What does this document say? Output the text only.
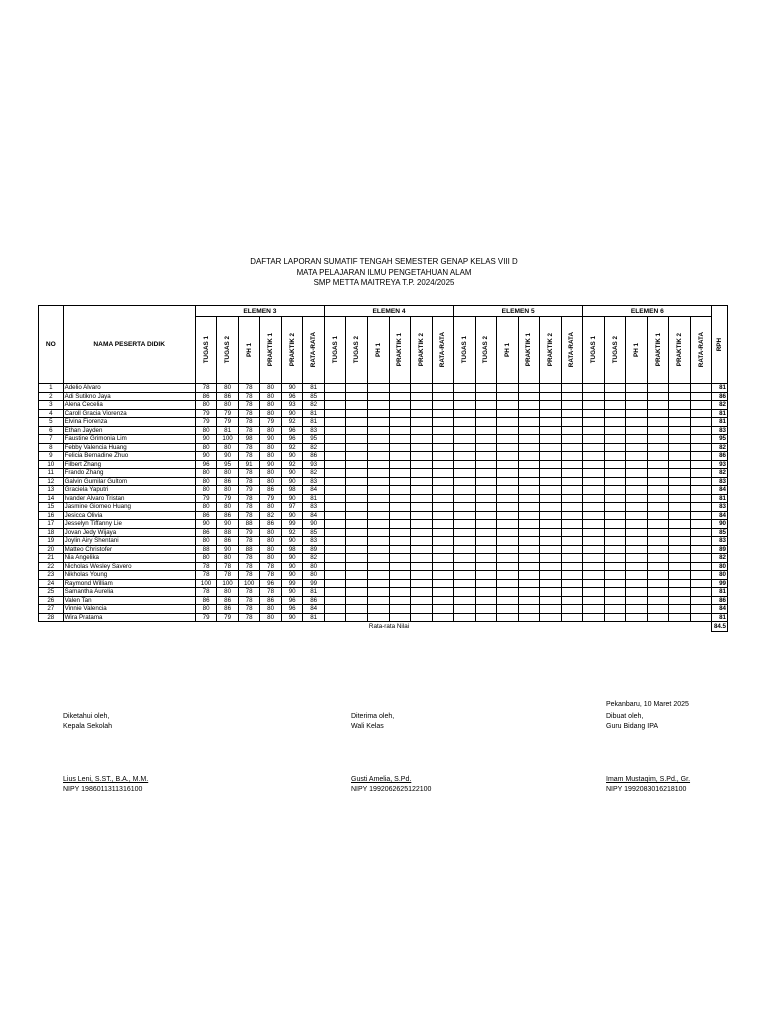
DAFTAR LAPORAN SUMATIF TENGAH SEMESTER GENAP KELAS VIII D
MATA PELAJARAN ILMU PENGETAHUAN ALAM
SMP METTA MAITREYA T.P. 2024/2025
NO	NAMA PESERTA DIDIK	ELEMEN 3						ELEMEN 4						ELEMEN 5						ELEMEN 6						RPH

		TUGAS 1	TUGAS 2	PH 1	PRAKTIK 1	PRAKTIK 2	RATA-RATA	TUGAS 1	TUGAS 2	PH 1	PRAKTIK 1	PRAKTIK 2	RATA-RATA	TUGAS 1	TUGAS 2	PH 1	PRAKTIK 1	PRAKTIK 2	RATA-RATA	TUGAS 1	TUGAS 2	PH 1	PRAKTIK 1	PRAKTIK 2	RATA-RATA	

1	Adelio Alvaro	78	80	78	80	90	81																			81
2	Adi Sutikno Jaya	86	86	78	80	96	85																			86
3	Alena Cecelia	80	80	78	80	93	82																			82
4	Caroll Gracia Viorenza	79	79	78	80	90	81																			81
5	Elvina Fiorenza	79	79	78	79	92	81																			81
6	Ethan Jayden	80	81	78	80	96	83																			83
7	Faustine Grimonia Lim	90	100	98	90	96	95																			95
8	Febby Valencia Huang	80	80	78	80	92	82																			82
9	Felicia Bernadine Zhuo	90	90	78	80	90	86																			86
10	Filbert Zhang	96	95	91	90	92	93																			93
11	Frando Zhang	80	80	78	80	90	82																			82
12	Galvin Gumilar Gultom	80	86	78	80	90	83																			83
13	Graciela Yaputri	80	80	79	86	98	84																			84
14	Ivander Alvaro Tristan	79	79	78	79	90	81																			81
15	Jasmine Giomeo Huang	80	80	78	80	97	83																			83
16	Jesicca Olivia	86	86	78	82	90	84																			84
17	Jesselyn Tiffanny Lie	90	90	88	86	99	90																			90
18	Jovan Jedy Wijaya	86	88	79	80	92	85																			85
19	Joylin Airy Shentani	80	86	78	80	90	83																			83
20	Matteo Christofer	88	90	88	80	98	89																			89
21	Nia Angelika	80	80	78	80	90	82																			82
22	Nicholas Wesley Savero	78	78	78	78	90	80																			80
23	Nikholas Young	78	78	78	78	90	80																			80
24	Raymond William	100	100	100	96	99	99																			99
25	Samantha Aurelia	78	80	78	78	90	81																			81
26	Valen Tan	86	86	78	86	96	86																			86
27	Vinnie Valencia	80	86	78	80	96	84																			84
28	Wira Pratama	79	79	78	80	90	81																			81
								Rata-rata Nilai																		84.5
Pekanbaru, 10 Maret 2025
Diketahui oleh,
Kepala Sekolah
Lius Leni, S.ST., B.A., M.M.
NIPY 1986011311316100
Diterima oleh,
Wali Kelas
Gusti Amelia, S.Pd.
NIPY 1992062625122100
Dibuat oleh,
Guru Bidang IPA
Imam Mustaqim, S.Pd., Gr.
NIPY 1992083016218100
